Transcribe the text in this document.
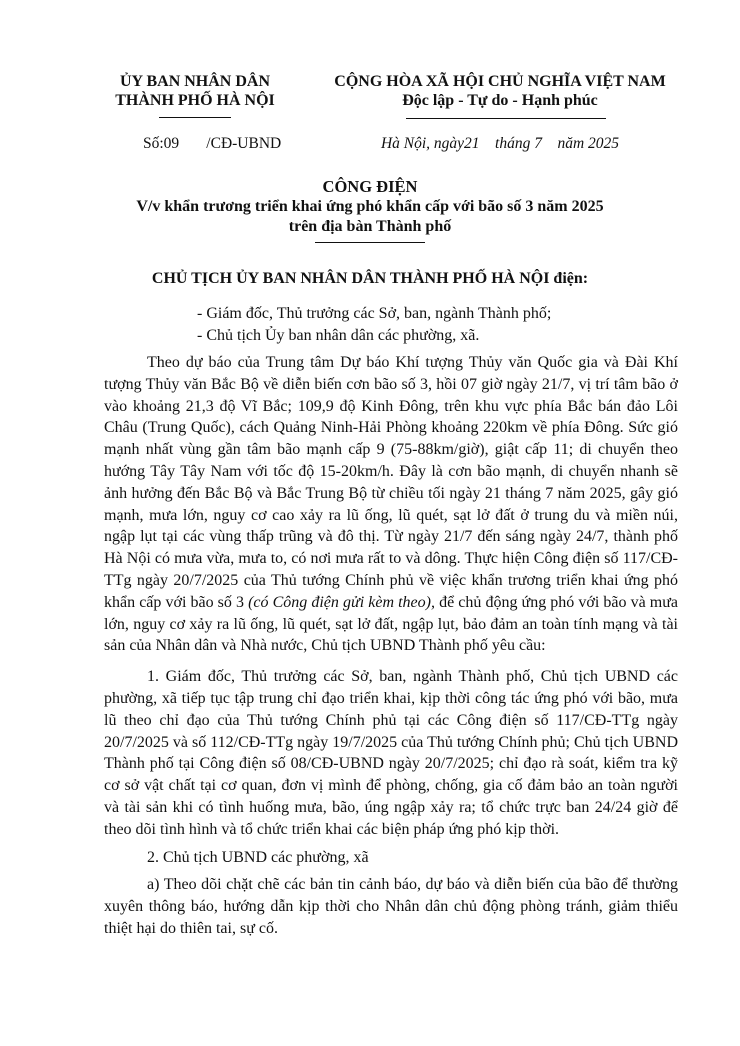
ỦY BAN NHÂN DÂN
THÀNH PHỐ HÀ NỘI
CỘNG HÒA XÃ HỘI CHỦ NGHĨA VIỆT NAM
Độc lập - Tự do - Hạnh phúc
Số:09       /CĐ-UBND	Hà Nội, ngày21    tháng 7    năm 2025
CÔNG ĐIỆN
V/v khẩn trương triển khai ứng phó khẩn cấp với bão số 3 năm 2025
trên địa bàn Thành phố
CHỦ TỊCH ỦY BAN NHÂN DÂN THÀNH PHỐ HÀ NỘI điện:
- Giám đốc, Thủ trưởng các Sở, ban, ngành Thành phố;
- Chủ tịch Ủy ban nhân dân các phường, xã.

Theo dự báo của Trung tâm Dự báo Khí tượng Thủy văn Quốc gia và Đài Khí tượng Thủy văn Bắc Bộ về diễn biến cơn bão số 3, hồi 07 giờ ngày 21/7, vị trí tâm bão ở vào khoảng 21,3 độ Vĩ Bắc; 109,9 độ Kinh Đông, trên khu vực phía Bắc bán đảo Lôi Châu (Trung Quốc), cách Quảng Ninh-Hải Phòng khoảng 220km về phía Đông. Sức gió mạnh nhất vùng gần tâm bão mạnh cấp 9 (75-88km/giờ), giật cấp 11; di chuyển theo hướng Tây Tây Nam với tốc độ 15-20km/h. Đây là cơn bão mạnh, di chuyển nhanh sẽ ảnh hưởng đến Bắc Bộ và Bắc Trung Bộ từ chiều tối ngày 21 tháng 7 năm 2025, gây gió mạnh, mưa lớn, nguy cơ cao xảy ra lũ ống, lũ quét, sạt lở đất ở trung du và miền núi, ngập lụt tại các vùng thấp trũng và đô thị. Từ ngày 21/7 đến sáng ngày 24/7, thành phố Hà Nội có mưa vừa, mưa to, có nơi mưa rất to và dông. Thực hiện Công điện số 117/CĐ-TTg ngày 20/7/2025 của Thủ tướng Chính phủ về việc khẩn trương triển khai ứng phó khẩn cấp với bão số 3 (có Công điện gửi kèm theo), để chủ động ứng phó với bão và mưa lớn, nguy cơ xảy ra lũ ống, lũ quét, sạt lở đất, ngập lụt, bảo đảm an toàn tính mạng và tài sản của Nhân dân và Nhà nước, Chủ tịch UBND Thành phố yêu cầu:

1. Giám đốc, Thủ trưởng các Sở, ban, ngành Thành phố, Chủ tịch UBND các phường, xã tiếp tục tập trung chỉ đạo triển khai, kịp thời công tác ứng phó với bão, mưa lũ theo chỉ đạo của Thủ tướng Chính phủ tại các Công điện số 117/CĐ-TTg ngày 20/7/2025 và số 112/CĐ-TTg ngày 19/7/2025 của Thủ tướng Chính phủ; Chủ tịch UBND Thành phố tại Công điện số 08/CĐ-UBND ngày 20/7/2025; chỉ đạo rà soát, kiểm tra kỹ cơ sở vật chất tại cơ quan, đơn vị mình để phòng, chống, gia cố đảm bảo an toàn người và tài sản khi có tình huống mưa, bão, úng ngập xảy ra; tổ chức trực ban 24/24 giờ để theo dõi tình hình và tổ chức triển khai các biện pháp ứng phó kịp thời.

2. Chủ tịch UBND các phường, xã

a) Theo dõi chặt chẽ các bản tin cảnh báo, dự báo và diễn biến của bão để thường xuyên thông báo, hướng dẫn kịp thời cho Nhân dân chủ động phòng tránh, giảm thiểu thiệt hại do thiên tai, sự cố.
